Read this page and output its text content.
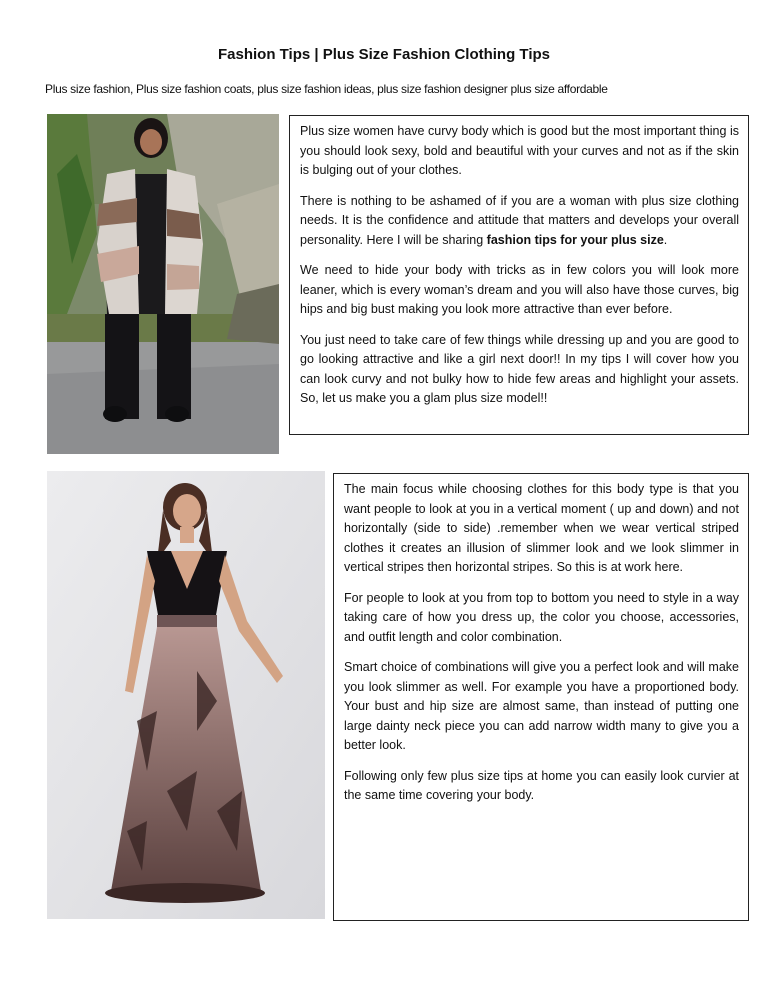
Fashion Tips | Plus Size Fashion Clothing Tips
Plus size fashion, Plus size fashion coats, plus size fashion ideas, plus size fashion designer plus size affordable

Plus size women have curvy body which is good but the most important thing is you should look sexy, bold and beautiful with your curves and not as if the skin is bulging out of your clothes.

There is nothing to be ashamed of if you are a woman with plus size clothing needs. It is the confidence and attitude that matters and develops your overall personality. Here I will be sharing fashion tips for your plus size.

We need to hide your body with tricks as in few colors you will look more leaner, which is every woman’s dream and you will also have those curves, big hips and big bust making you look more attractive than ever before.

You just need to take care of few things while dressing up and you are good to go looking attractive and like a girl next door!! In my tips I will cover how you can look curvy and not bulky how to hide few areas and highlight your assets. So, let us make you a glam plus size model!!

The main focus while choosing clothes for this body type is that you want people to look at you in a vertical moment ( up and down) and not horizontally (side to side) .remember when we wear vertical striped clothes it creates an illusion of slimmer look and we look slimmer in vertical stripes then horizontal stripes. So this is at work here.

For people to look at you from top to bottom you need to style in a way taking care of how you dress up, the color you choose, accessories, and outfit length and color combination.

Smart choice of combinations will give you a perfect look and will make you look slimmer as well. For example you have a proportioned body. Your bust and hip size are almost same, than instead of putting one large dainty neck piece you can add narrow width many to give you a better look.

Following only few plus size tips at home you can easily look curvier at the same time covering your body.
